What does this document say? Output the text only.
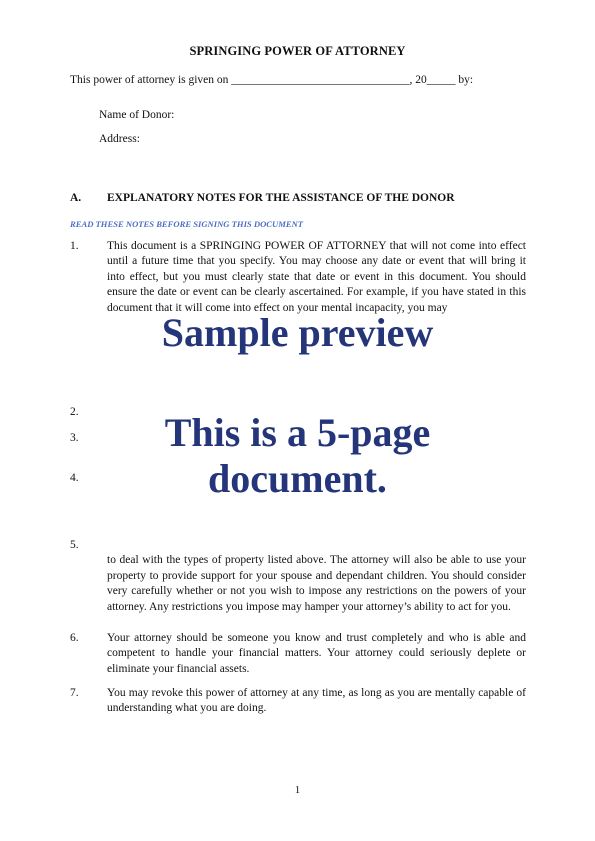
SPRINGING POWER OF ATTORNEY
This power of attorney is given on _______________________________, 20_____ by:
Name of Donor:
Address:
A. EXPLANATORY NOTES FOR THE ASSISTANCE OF THE DONOR
READ THESE NOTES BEFORE SIGNING THIS DOCUMENT
1. This document is a SPRINGING POWER OF ATTORNEY that will not come into effect until a future time that you specify. You may choose any date or event that will bring it into effect, but you must clearly state that date or event in this document. You should ensure the date or event can be clearly ascertained. For example, if you have stated in this document that it will come into effect on your mental incapacity, you may
2.
3.
4.
5.
to deal with the types of property listed above. The attorney will also be able to use your property to provide support for your spouse and dependant children. You should consider very carefully whether or not you wish to impose any restrictions on the powers of your attorney. Any restrictions you impose may hamper your attorney’s ability to act for you.
6. Your attorney should be someone you know and trust completely and who is able and competent to handle your financial matters. Your attorney could seriously deplete or eliminate your financial assets.
7. You may revoke this power of attorney at any time, as long as you are mentally capable of understanding what you are doing.
Sample preview
This is a 5-page
document.
1
